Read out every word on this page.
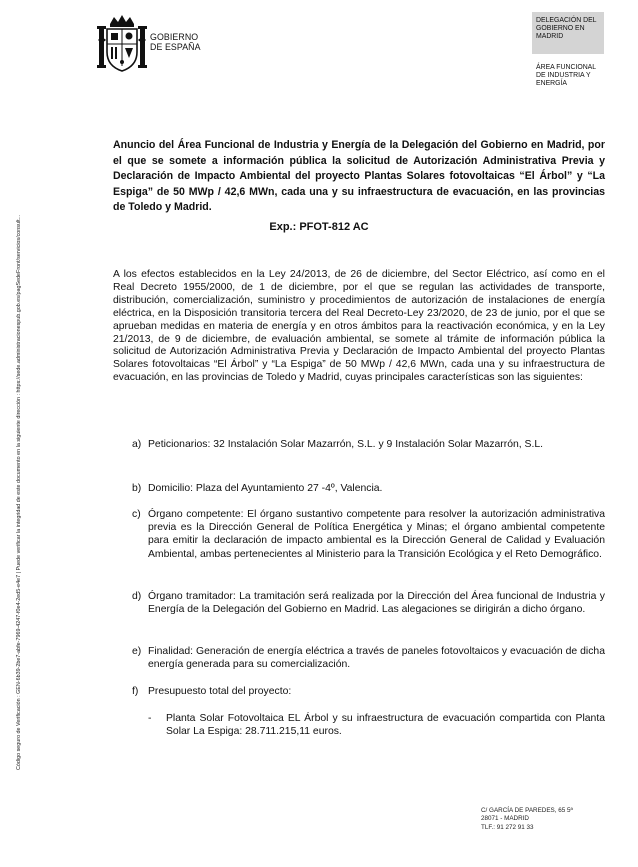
Código seguro de Verificación : GEN-6b39-2be7-abfe-7969-4247-f0e4-2ed5-e4e7 | Puede verificar la integridad de este documento en la siguiente dirección : https://sede.administracionespub.gob.es/pagSedeFront/servicios/consult...
GOBIERNO
DE ESPAÑA
DELEGACIÓN DEL GOBIERNO EN MADRID
ÁREA FUNCIONAL DE INDUSTRIA Y ENERGÍA
Anuncio del Área Funcional de Industria y Energía de la Delegación del Gobierno en Madrid, por el que se somete a información pública la solicitud de Autorización Administrativa Previa y Declaración de Impacto Ambiental del proyecto Plantas Solares fotovoltaicas “El Árbol” y “La Espiga” de 50 MWp / 42,6 MWn, cada una y su infraestructura de evacuación, en las provincias de Toledo y Madrid.
Exp.: PFOT-812 AC
A los efectos establecidos en la Ley 24/2013, de 26 de diciembre, del Sector Eléctrico, así como en el Real Decreto 1955/2000, de 1 de diciembre, por el que se regulan las actividades de transporte, distribución, comercialización, suministro y procedimientos de autorización de instalaciones de energía eléctrica, en la Disposición transitoria tercera del Real Decreto-Ley 23/2020, de 23 de junio, por el que se aprueban medidas en materia de energía y en otros ámbitos para la reactivación económica, y en la Ley 21/2013, de 9 de diciembre, de evaluación ambiental, se somete al trámite de información pública la solicitud de Autorización Administrativa Previa y Declaración de Impacto Ambiental del proyecto Plantas Solares fotovoltaicas “El Árbol” y “La Espiga” de 50 MWp / 42,6 MWn, cada una y su infraestructura de evacuación, en las provincias de Toledo y Madrid, cuyas principales características son las siguientes:
a) Peticionarios: 32 Instalación Solar Mazarrón, S.L. y 9 Instalación Solar Mazarrón, S.L.
b) Domicilio: Plaza del Ayuntamiento 27 -4º, Valencia.
c) Órgano competente: El órgano sustantivo competente para resolver la autorización administrativa previa es la Dirección General de Política Energética y Minas; el órgano ambiental competente para emitir la declaración de impacto ambiental es la Dirección General de Calidad y Evaluación Ambiental, ambas pertenecientes al Ministerio para la Transición Ecológica y el Reto Demográfico.
d) Órgano tramitador: La tramitación será realizada por la Dirección del Área funcional de Industria y Energía de la Delegación del Gobierno en Madrid. Las alegaciones se dirigirán a dicho órgano.
e) Finalidad: Generación de energía eléctrica a través de paneles fotovoltaicos y evacuación de dicha energía generada para su comercialización.
f) Presupuesto total del proyecto:
-	Planta Solar Fotovoltaica EL Árbol y su infraestructura de evacuación compartida con Planta Solar La Espiga: 28.711.215,11 euros.
C/ GARCÍA DE PAREDES, 65 5ª
28071 - MADRID
TLF.: 91 272 91 33
